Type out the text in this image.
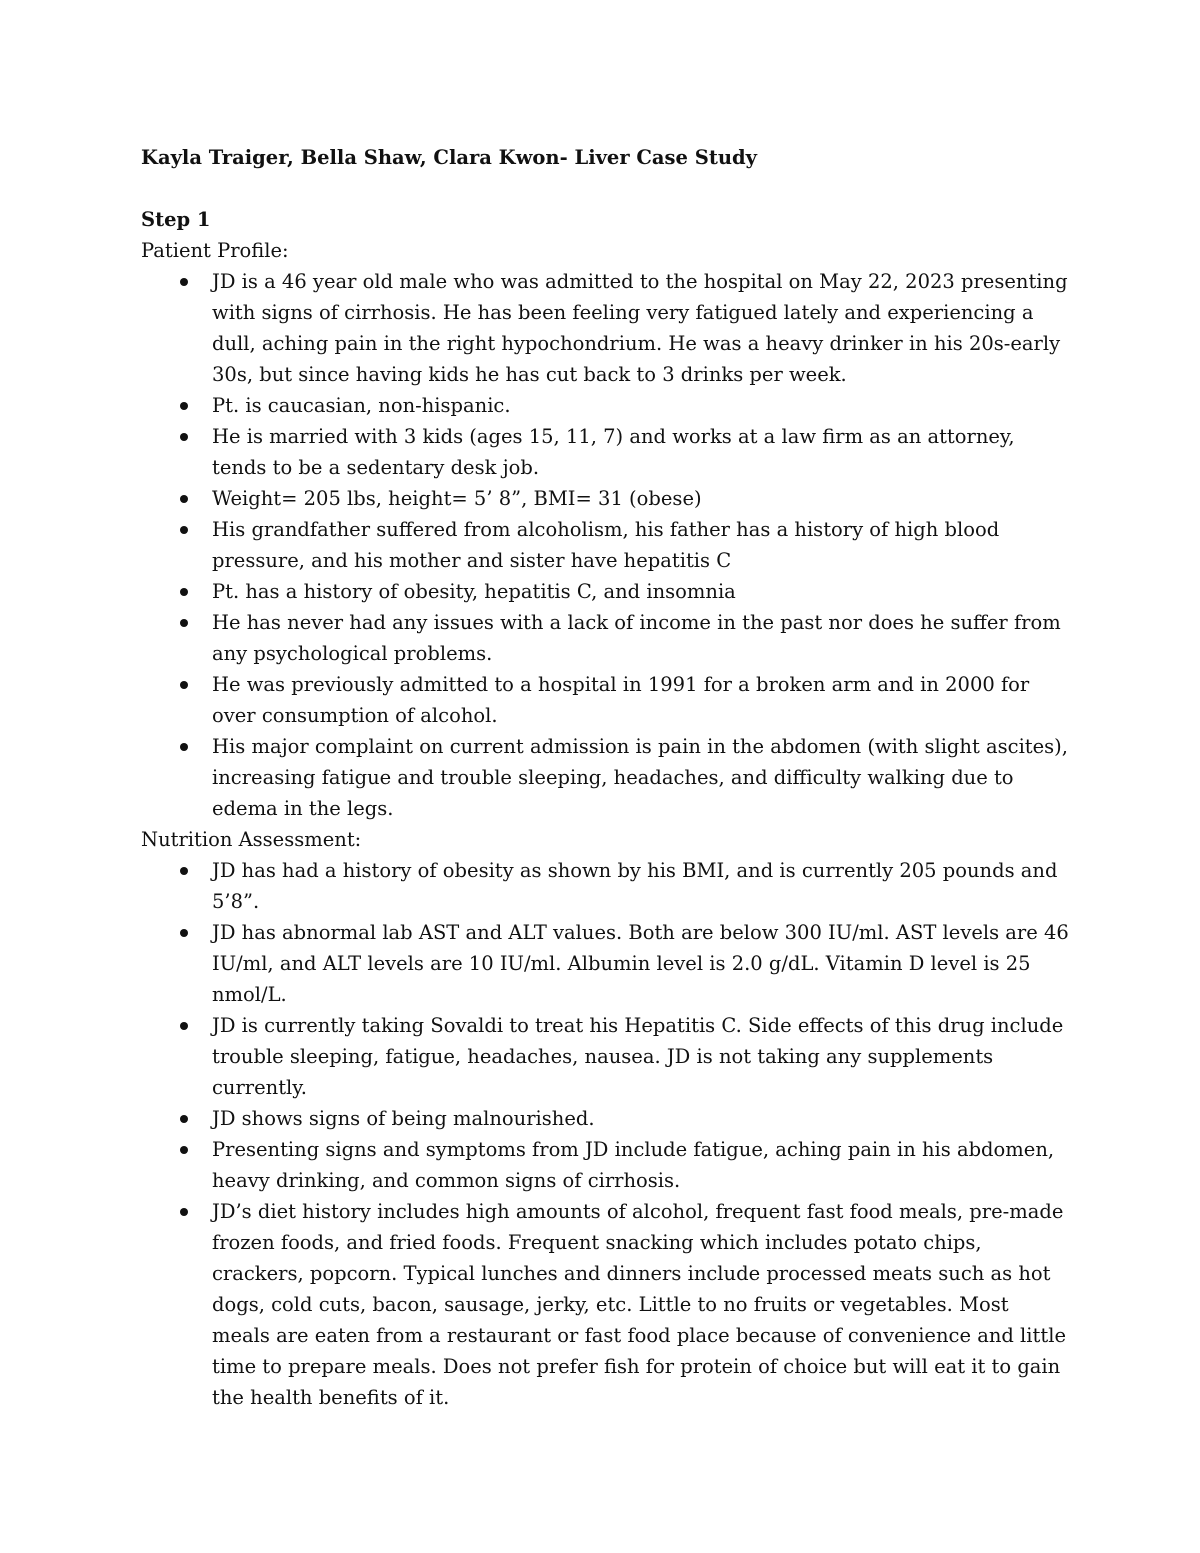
Kayla Traiger, Bella Shaw, Clara Kwon- Liver Case Study

Step 1

Patient Profile:

JD is a 46 year old male who was admitted to the hospital on May 22, 2023 presenting with signs of cirrhosis. He has been feeling very fatigued lately and experiencing a dull, aching pain in the right hypochondrium. He was a heavy drinker in his 20s-early 30s, but since having kids he has cut back to 3 drinks per week.
Pt. is caucasian, non-hispanic.
He is married with 3 kids (ages 15, 11, 7) and works at a law firm as an attorney, tends to be a sedentary desk job.
Weight= 205 lbs, height= 5’ 8”, BMI= 31 (obese)
His grandfather suffered from alcoholism, his father has a history of high blood pressure, and his mother and sister have hepatitis C
Pt. has a history of obesity, hepatitis C, and insomnia
He has never had any issues with a lack of income in the past nor does he suffer from any psychological problems.
He was previously admitted to a hospital in 1991 for a broken arm and in 2000 for over consumption of alcohol.
His major complaint on current admission is pain in the abdomen (with slight ascites), increasing fatigue and trouble sleeping, headaches, and difficulty walking due to edema in the legs.

Nutrition Assessment:

JD has had a history of obesity as shown by his BMI, and is currently 205 pounds and 5’8”.
JD has abnormal lab AST and ALT values. Both are below 300 IU/ml. AST levels are 46 IU/ml, and ALT levels are 10 IU/ml. Albumin level is 2.0 g/dL. Vitamin D level is 25 nmol/L.
JD is currently taking Sovaldi to treat his Hepatitis C. Side effects of this drug include trouble sleeping, fatigue, headaches, nausea. JD is not taking any supplements currently.
JD shows signs of being malnourished.
Presenting signs and symptoms from JD include fatigue, aching pain in his abdomen, heavy drinking, and common signs of cirrhosis.
JD’s diet history includes high amounts of alcohol, frequent fast food meals, pre-made frozen foods, and fried foods. Frequent snacking which includes potato chips, crackers, popcorn. Typical lunches and dinners include processed meats such as hot dogs, cold cuts, bacon, sausage, jerky, etc. Little to no fruits or vegetables. Most meals are eaten from a restaurant or fast food place because of convenience and little time to prepare meals. Does not prefer fish for protein of choice but will eat it to gain the health benefits of it.
